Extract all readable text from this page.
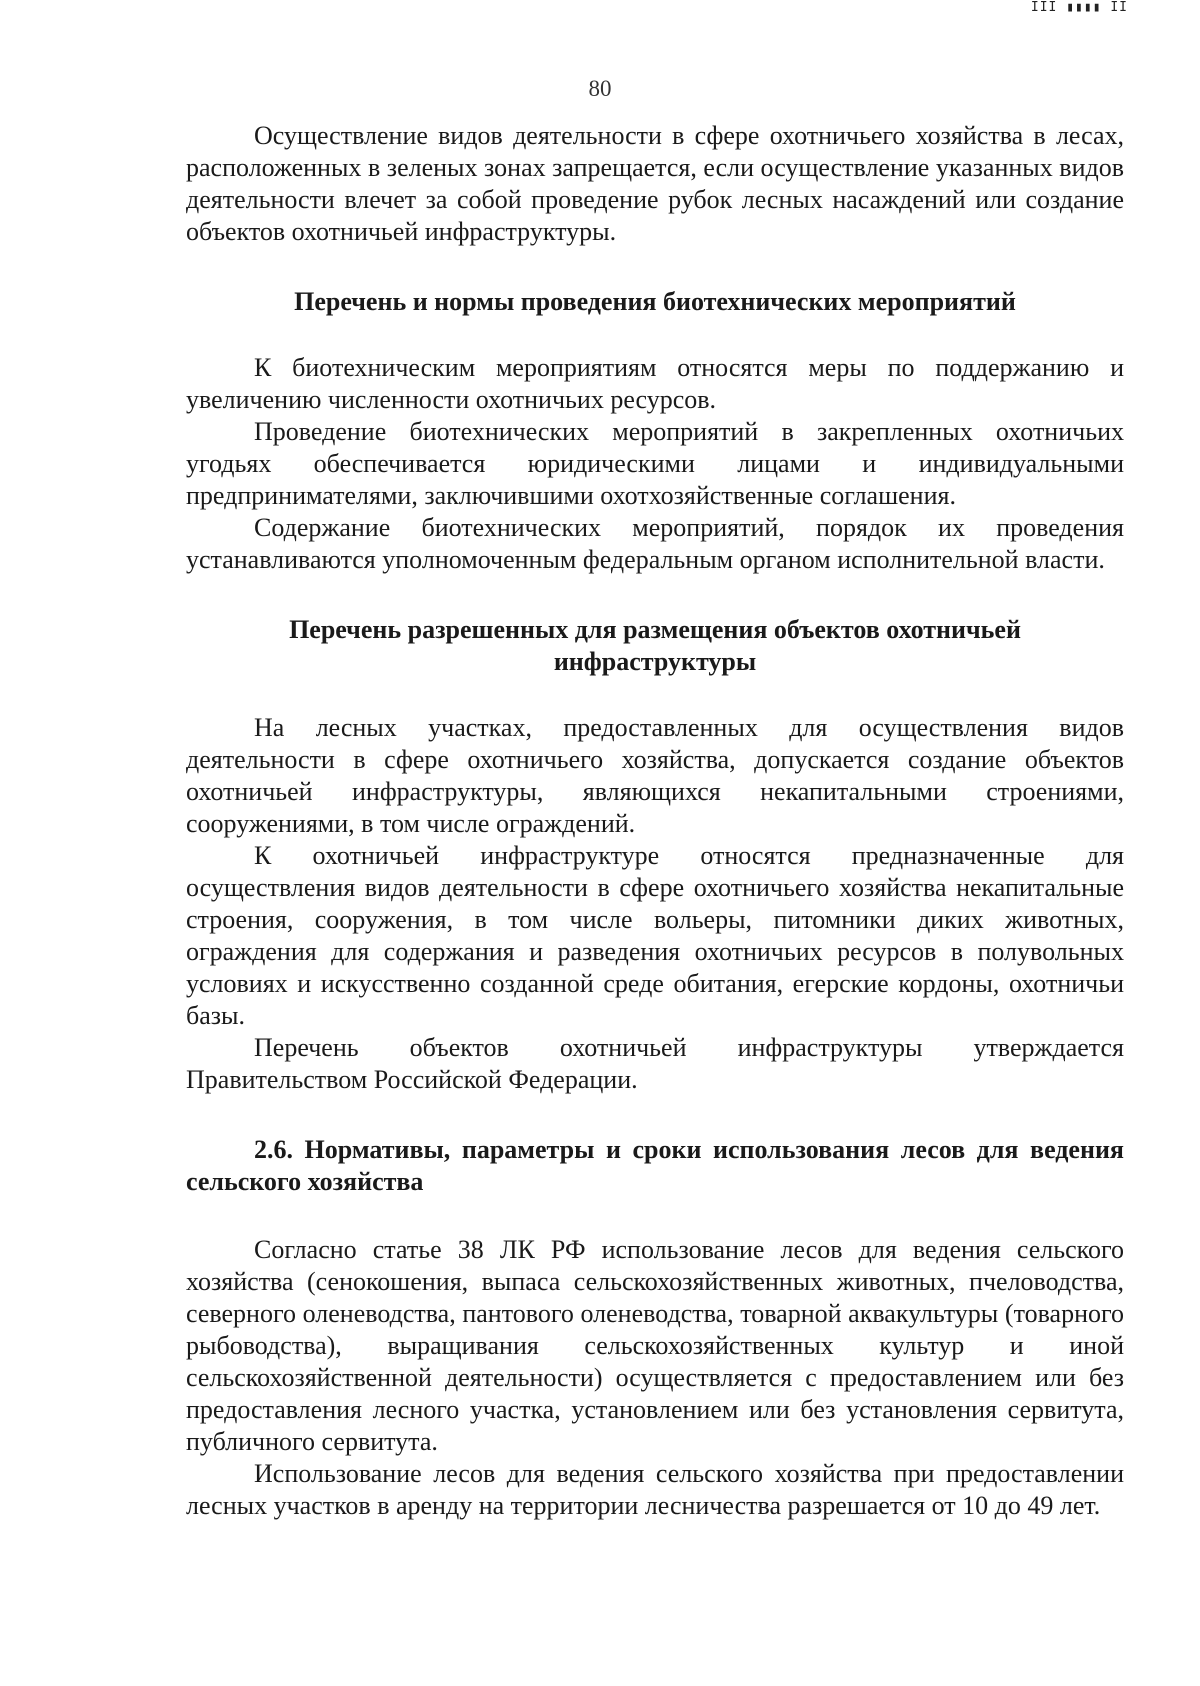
III ▮▮▮▮ II
80

Осуществление видов деятельности в сфере охотничьего хозяйства в лесах, расположенных в зеленых зонах запрещается, если осуществление указанных видов деятельности влечет за собой проведение рубок лесных насаждений или создание объектов охотничьей инфраструктуры.

Перечень и нормы проведения биотехнических мероприятий

К биотехническим мероприятиям относятся меры по поддержанию и увеличению численности охотничьих ресурсов.

Проведение биотехнических мероприятий в закрепленных охотничьих угодьях обеспечивается юридическими лицами и индивидуальными предпринимателями, заключившими охотхозяйственные соглашения.

Содержание биотехнических мероприятий, порядок их проведения устанавливаются уполномоченным федеральным органом исполнительной власти.

Перечень разрешенных для размещения объектов охотничьей
инфраструктуры

На лесных участках, предоставленных для осуществления видов деятельности в сфере охотничьего хозяйства, допускается создание объектов охотничьей инфраструктуры, являющихся некапитальными строениями, сооружениями, в том числе ограждений.

К охотничьей инфраструктуре относятся предназначенные для осуществления видов деятельности в сфере охотничьего хозяйства некапитальные строения, сооружения, в том числе вольеры, питомники диких животных, ограждения для содержания и разведения охотничьих ресурсов в полувольных условиях и искусственно созданной среде обитания, егерские кордоны, охотничьи базы.

Перечень объектов охотничьей инфраструктуры утверждается Правительством Российской Федерации.

2.6. Нормативы, параметры и сроки использования лесов для ведения сельского хозяйства

Согласно статье 38 ЛК РФ использование лесов для ведения сельского хозяйства (сенокошения, выпаса сельскохозяйственных животных, пчеловодства, северного оленеводства, пантового оленеводства, товарной аквакультуры (товарного рыбоводства), выращивания сельскохозяйственных культур и иной сельскохозяйственной деятельности) осуществляется с предоставлением или без предоставления лесного участка, установлением или без установления сервитута, публичного сервитута.

Использование лесов для ведения сельского хозяйства при предоставлении лесных участков в аренду на территории лесничества разрешается от 10 до 49 лет.
